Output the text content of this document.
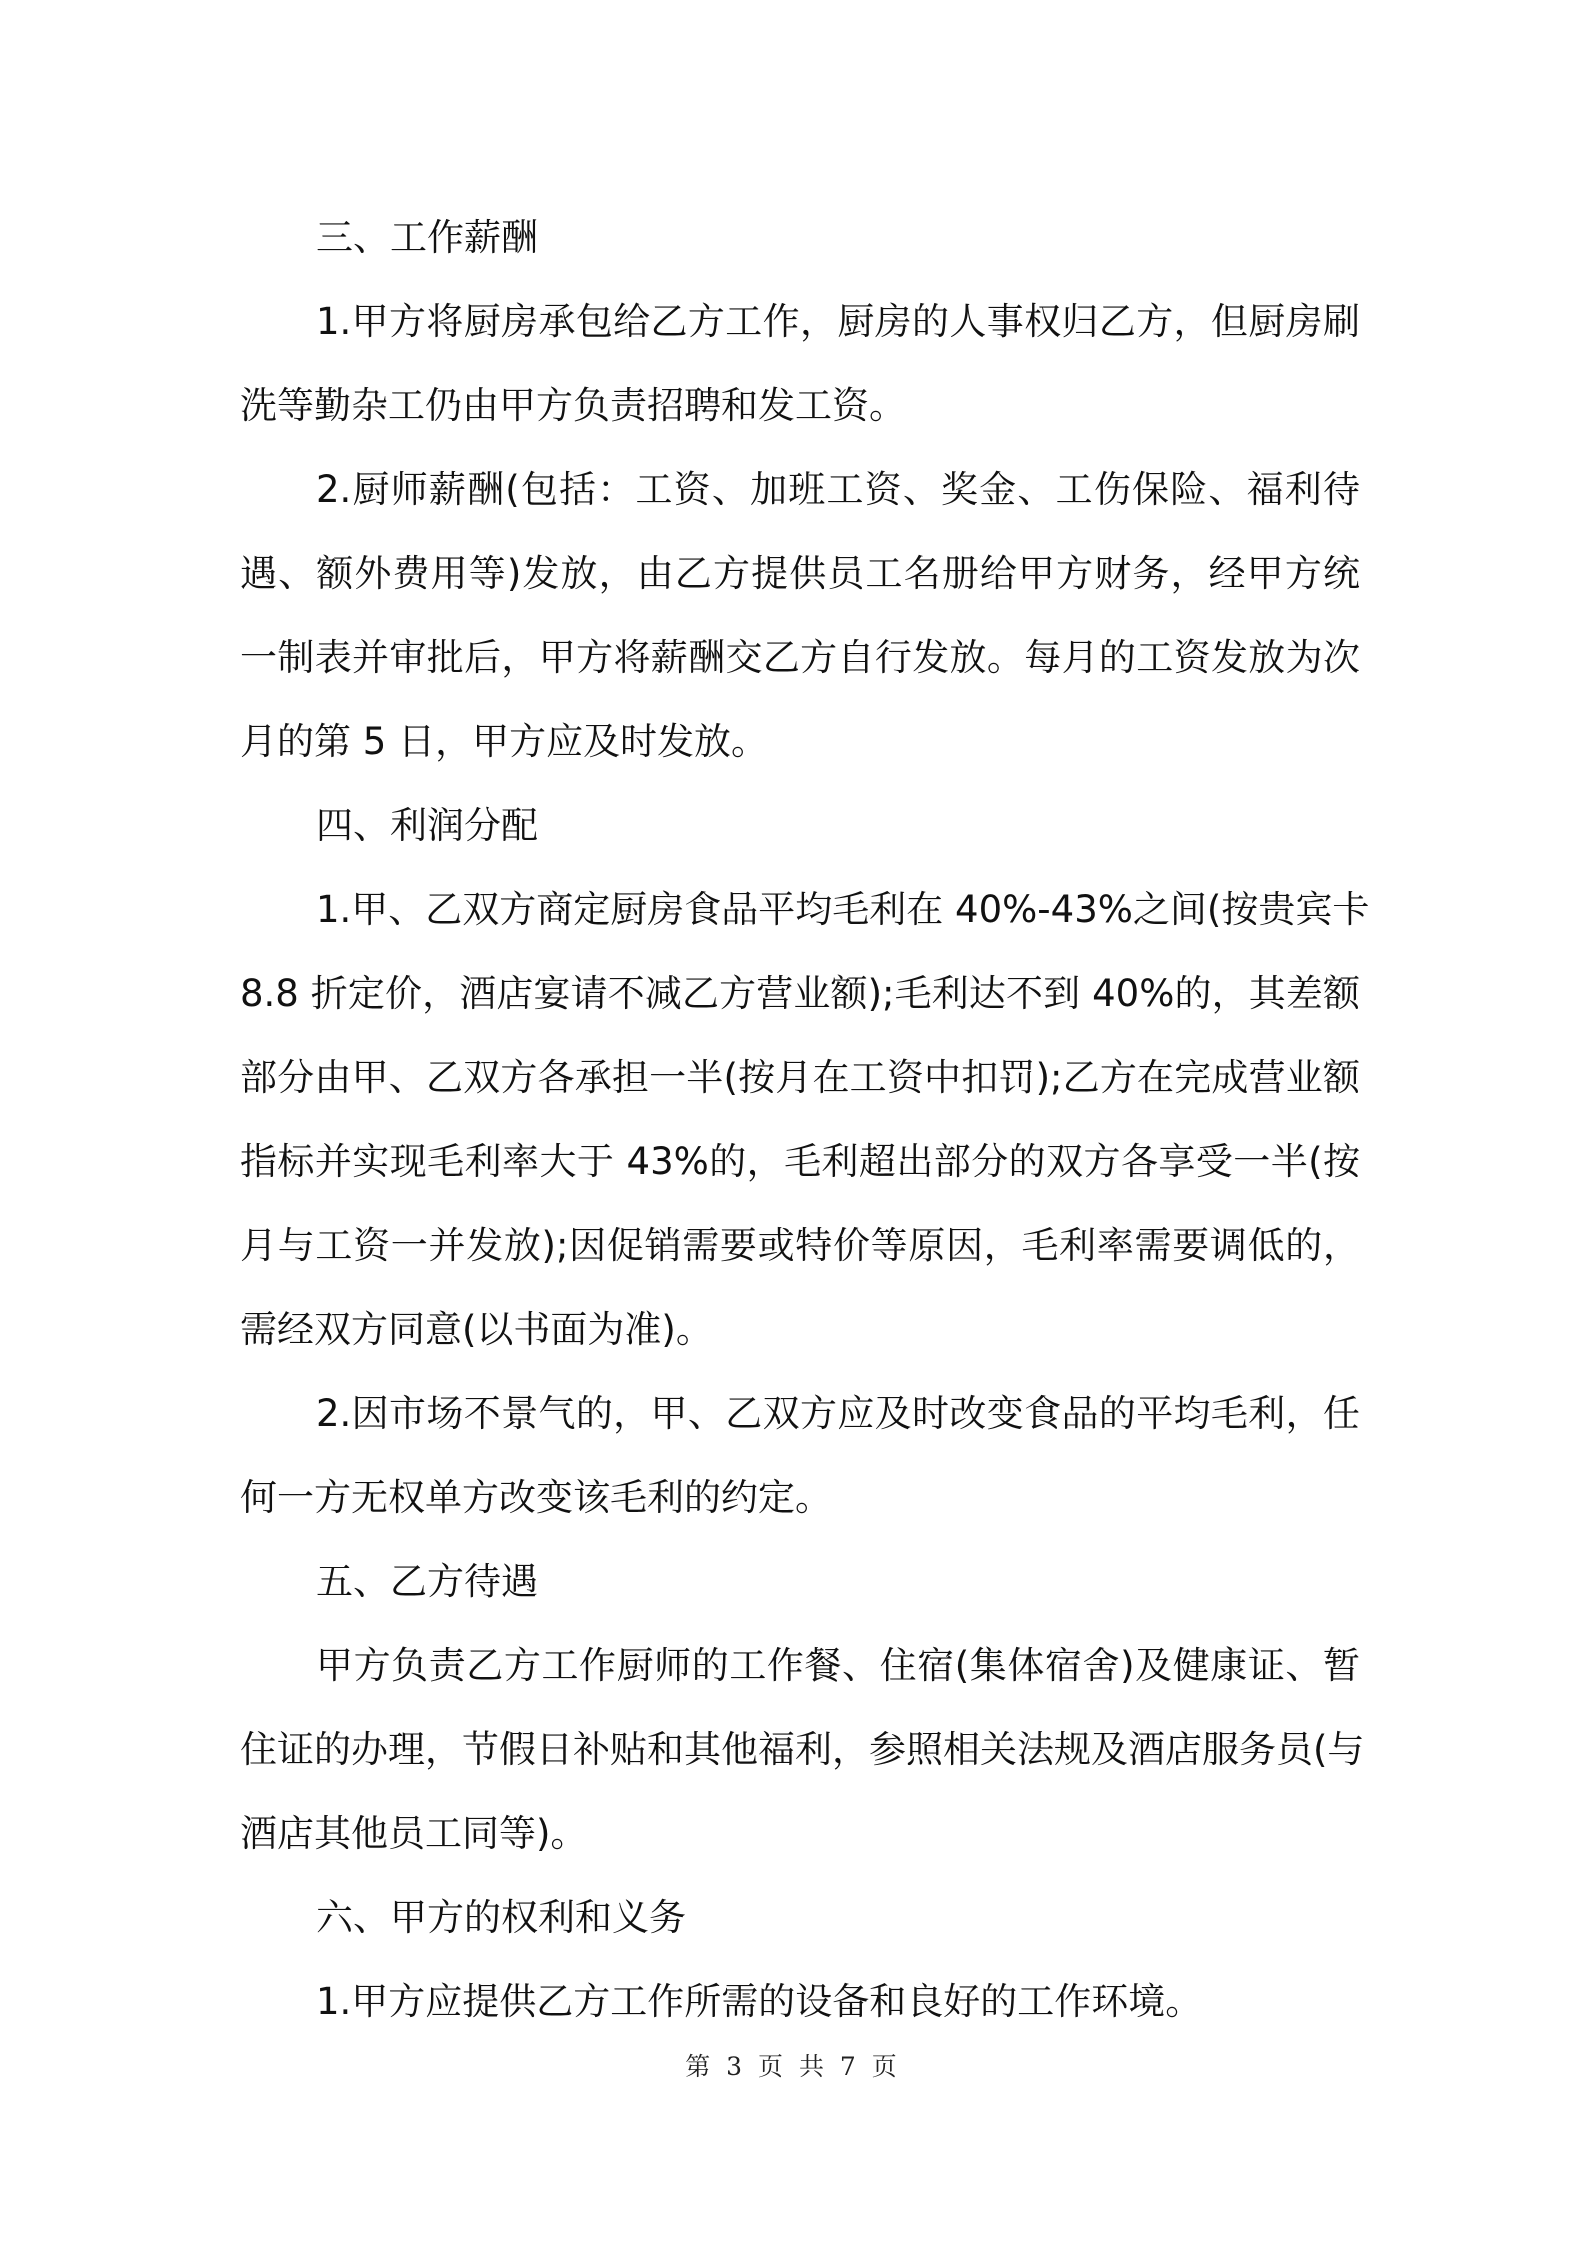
三、工作薪酬
1.甲方将厨房承包给乙方工作，厨房的人事权归乙方，但厨房刷
洗等勤杂工仍由甲方负责招聘和发工资。
2.厨师薪酬(包括：工资、加班工资、奖金、工伤保险、福利待
遇、额外费用等)发放，由乙方提供员工名册给甲方财务，经甲方统
一制表并审批后，甲方将薪酬交乙方自行发放。每月的工资发放为次
月的第 5 日，甲方应及时发放。
四、利润分配
1.甲、乙双方商定厨房食品平均毛利在 40%-43%之间(按贵宾卡
8.8 折定价，酒店宴请不减乙方营业额);毛利达不到 40%的，其差额
部分由甲、乙双方各承担一半(按月在工资中扣罚);乙方在完成营业额
指标并实现毛利率大于 43%的，毛利超出部分的双方各享受一半(按
月与工资一并发放);因促销需要或特价等原因，毛利率需要调低的，
需经双方同意(以书面为准)。
2.因市场不景气的，甲、乙双方应及时改变食品的平均毛利，任
何一方无权单方改变该毛利的约定。
五、乙方待遇
甲方负责乙方工作厨师的工作餐、住宿(集体宿舍)及健康证、暂
住证的办理，节假日补贴和其他福利，参照相关法规及酒店服务员(与
酒店其他员工同等)。
六、甲方的权利和义务
1.甲方应提供乙方工作所需的设备和良好的工作环境。
第 3 页 共 7 页
